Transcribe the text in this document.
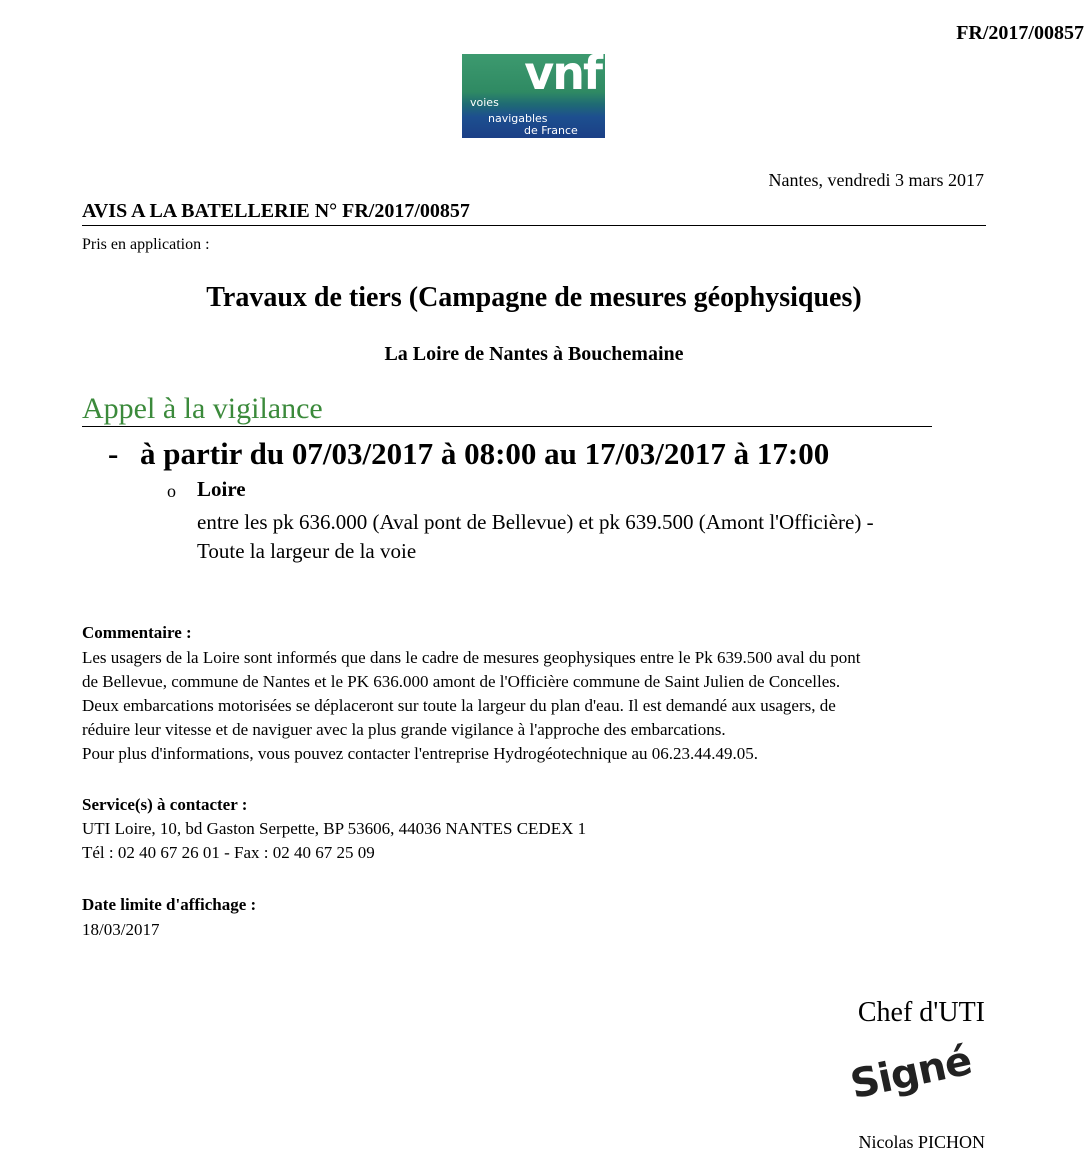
FR/2017/00857
vnf
voies
navigables
de France
Nantes, vendredi 3 mars 2017
AVIS A LA BATELLERIE N° FR/2017/00857
Pris en application :
Travaux de tiers (Campagne de mesures géophysiques)
La Loire de Nantes à Bouchemaine
Appel à la vigilance
- à partir du 07/03/2017 à 08:00 au 17/03/2017 à 17:00
o Loire
entre les pk 636.000 (Aval pont de Bellevue) et pk 639.500 (Amont l'Officière) -
Toute la largeur de la voie
Commentaire :
Les usagers de la Loire sont informés que dans le cadre de mesures geophysiques entre le Pk 639.500 aval du pont
de Bellevue, commune de Nantes et le PK 636.000 amont de l'Officière commune de Saint Julien de Concelles.
Deux embarcations motorisées se déplaceront sur toute la largeur du plan d'eau. Il est demandé aux usagers, de
réduire leur vitesse et de naviguer avec la plus grande vigilance à l'approche des embarcations.
Pour plus d'informations, vous pouvez contacter l'entreprise Hydrogéotechnique au 06.23.44.49.05.
Service(s) à contacter :
UTI Loire, 10, bd Gaston Serpette, BP 53606, 44036 NANTES CEDEX 1
Tél : 02 40 67 26 01 - Fax : 02 40 67 25 09
Date limite d'affichage :
18/03/2017
Chef d'UTI
Signé
Nicolas PICHON
